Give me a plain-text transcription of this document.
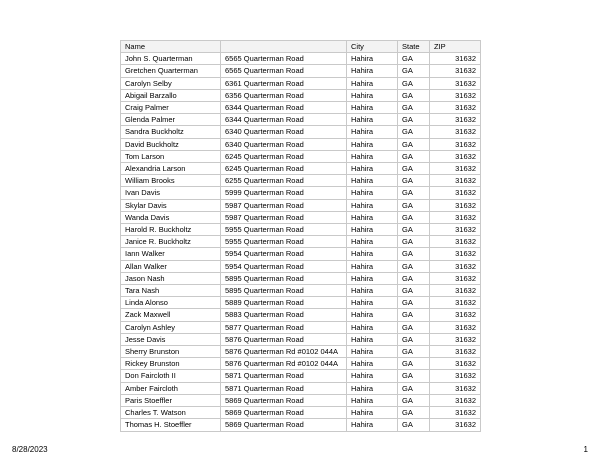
Name		City	State	ZIP
John S. Quarterman	6565 Quarterman Road	Hahira	GA	31632
Gretchen Quarterman	6565 Quarterman Road	Hahira	GA	31632
Carolyn Selby	6361 Quarterman Road	Hahira	GA	31632
Abigail Barzallo	6356 Quarterman Road	Hahira	GA	31632
Craig Palmer	6344 Quarterman Road	Hahira	GA	31632
Glenda Palmer	6344 Quarterman Road	Hahira	GA	31632
Sandra Buckholtz	6340 Quarterman Road	Hahira	GA	31632
David Buckholtz	6340 Quarterman Road	Hahira	GA	31632
Tom Larson	6245 Quarterman Road	Hahira	GA	31632
Alexandria Larson	6245 Quarterman Road	Hahira	GA	31632
William Brooks	6255 Quarterman Road	Hahira	GA	31632
Ivan Davis	5999 Quarterman Road	Hahira	GA	31632
Skylar Davis	5987 Quarterman Road	Hahira	GA	31632
Wanda Davis	5987 Quarterman Road	Hahira	GA	31632
Harold R. Buckholtz	5955 Quarterman Road	Hahira	GA	31632
Janice R. Buckholtz	5955 Quarterman Road	Hahira	GA	31632
Iann Walker	5954 Quarterman Road	Hahira	GA	31632
Allan Walker	5954 Quarterman Road	Hahira	GA	31632
Jason Nash	5895 Quarterman Road	Hahira	GA	31632
Tara Nash	5895 Quarterman Road	Hahira	GA	31632
Linda Alonso	5889 Quarterman Road	Hahira	GA	31632
Zack Maxwell	5883 Quarterman Road	Hahira	GA	31632
Carolyn Ashley	5877 Quarterman Road	Hahira	GA	31632
Jesse Davis	5876 Quarterman Road	Hahira	GA	31632
Sherry Brunston	5876 Quarterman Rd #0102 044A	Hahira	GA	31632
Rickey Brunston	5876 Quarterman Rd #0102 044A	Hahira	GA	31632
Don Faircloth II	5871 Quarterman Road	Hahira	GA	31632
Amber Faircloth	5871 Quarterman Road	Hahira	GA	31632
Paris Stoeffler	5869 Quarterman Road	Hahira	GA	31632
Charles T. Watson	5869 Quarterman Road	Hahira	GA	31632
Thomas H. Stoeffler	5869 Quarterman Road	Hahira	GA	31632
8/28/2023	1
